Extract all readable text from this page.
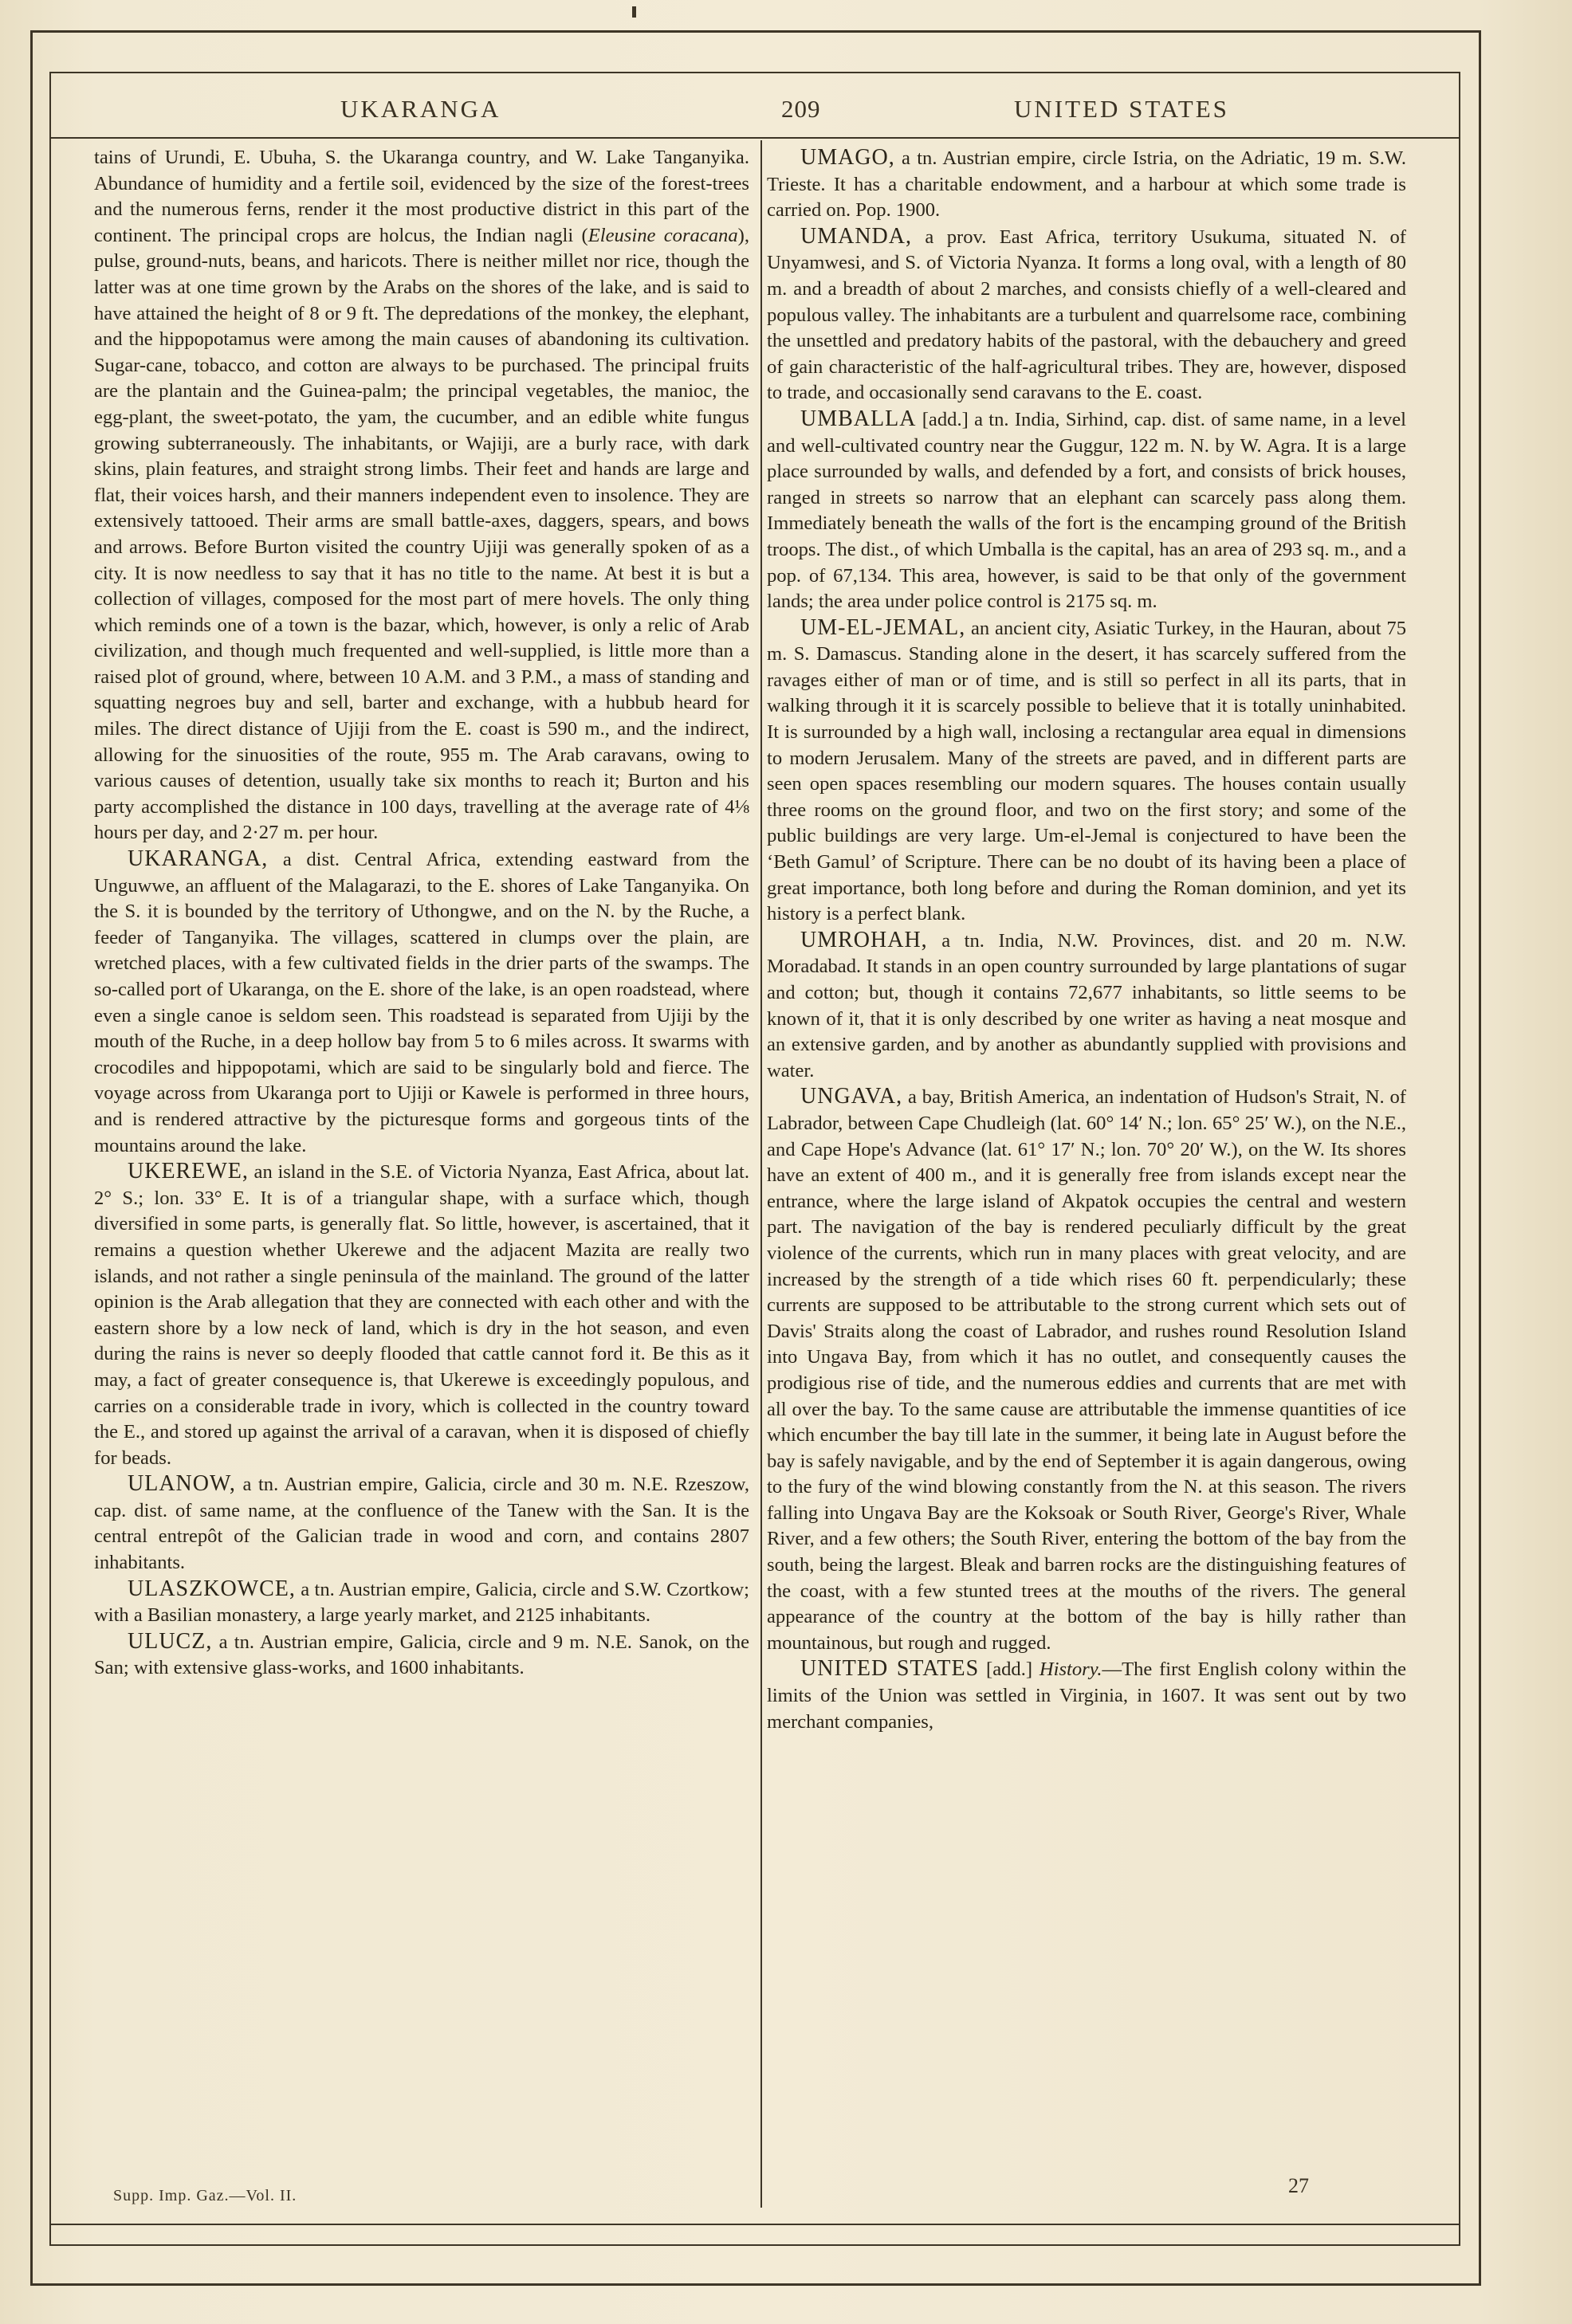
UKARANGA	209	UNITED STATES

tains of Urundi, E. Ubuha, S. the Ukaranga country, and W. Lake Tanganyika. Abundance of humidity and a fertile soil, evidenced by the size of the forest-trees and the numerous ferns, render it the most productive district in this part of the continent. The principal crops are holcus, the Indian nagli (Eleusine coracana), pulse, ground-nuts, beans, and haricots. There is neither millet nor rice, though the latter was at one time grown by the Arabs on the shores of the lake, and is said to have attained the height of 8 or 9 ft. The depredations of the monkey, the elephant, and the hippopotamus were among the main causes of abandoning its cultivation. Sugar-cane, tobacco, and cotton are always to be purchased. The principal fruits are the plantain and the Guinea-palm; the principal vegetables, the manioc, the egg-plant, the sweet-potato, the yam, the cucumber, and an edible white fungus growing subterraneously. The inhabitants, or Wajiji, are a burly race, with dark skins, plain features, and straight strong limbs. Their feet and hands are large and flat, their voices harsh, and their manners independent even to insolence. They are extensively tattooed. Their arms are small battle-axes, daggers, spears, and bows and arrows. Before Burton visited the country Ujiji was generally spoken of as a city. It is now needless to say that it has no title to the name. At best it is but a collection of villages, composed for the most part of mere hovels. The only thing which reminds one of a town is the bazar, which, however, is only a relic of Arab civilization, and though much frequented and well-supplied, is little more than a raised plot of ground, where, between 10 A.M. and 3 P.M., a mass of standing and squatting negroes buy and sell, barter and exchange, with a hubbub heard for miles. The direct distance of Ujiji from the E. coast is 590 m., and the indirect, allowing for the sinuosities of the route, 955 m. The Arab caravans, owing to various causes of detention, usually take six months to reach it; Burton and his party accomplished the distance in 100 days, travelling at the average rate of 4⅛ hours per day, and 2·27 m. per hour.

UKARANGA, a dist. Central Africa, extending eastward from the Unguwwe, an affluent of the Malagarazi, to the E. shores of Lake Tanganyika. On the S. it is bounded by the territory of Uthongwe, and on the N. by the Ruche, a feeder of Tanganyika. The villages, scattered in clumps over the plain, are wretched places, with a few cultivated fields in the drier parts of the swamps. The so-called port of Ukaranga, on the E. shore of the lake, is an open roadstead, where even a single canoe is seldom seen. This roadstead is separated from Ujiji by the mouth of the Ruche, in a deep hollow bay from 5 to 6 miles across. It swarms with crocodiles and hippopotami, which are said to be singularly bold and fierce. The voyage across from Ukaranga port to Ujiji or Kawele is performed in three hours, and is rendered attractive by the picturesque forms and gorgeous tints of the mountains around the lake.

UKEREWE, an island in the S.E. of Victoria Nyanza, East Africa, about lat. 2° S.; lon. 33° E. It is of a triangular shape, with a surface which, though diversified in some parts, is generally flat. So little, however, is ascertained, that it remains a question whether Ukerewe and the adjacent Mazita are really two islands, and not rather a single peninsula of the mainland. The ground of the latter opinion is the Arab allegation that they are connected with each other and with the eastern shore by a low neck of land, which is dry in the hot season, and even during the rains is never so deeply flooded that cattle cannot ford it. Be this as it may, a fact of greater consequence is, that Ukerewe is exceedingly populous, and carries on a considerable trade in ivory, which is collected in the country toward the E., and stored up against the arrival of a caravan, when it is disposed of chiefly for beads.

ULANOW, a tn. Austrian empire, Galicia, circle and 30 m. N.E. Rzeszow, cap. dist. of same name, at the confluence of the Tanew with the San. It is the central entrepôt of the Galician trade in wood and corn, and contains 2807 inhabitants.

ULASZKOWCE, a tn. Austrian empire, Galicia, circle and S.W. Czortkow; with a Basilian monastery, a large yearly market, and 2125 inhabitants.

ULUCZ, a tn. Austrian empire, Galicia, circle and 9 m. N.E. Sanok, on the San; with extensive glass-works, and 1600 inhabitants.

UMAGO, a tn. Austrian empire, circle Istria, on the Adriatic, 19 m. S.W. Trieste. It has a charitable endowment, and a harbour at which some trade is carried on. Pop. 1900.

UMANDA, a prov. East Africa, territory Usukuma, situated N. of Unyamwesi, and S. of Victoria Nyanza. It forms a long oval, with a length of 80 m. and a breadth of about 2 marches, and consists chiefly of a well-cleared and populous valley. The inhabitants are a turbulent and quarrelsome race, combining the unsettled and predatory habits of the pastoral, with the debauchery and greed of gain characteristic of the half-agricultural tribes. They are, however, disposed to trade, and occasionally send caravans to the E. coast.

UMBALLA [add.] a tn. India, Sirhind, cap. dist. of same name, in a level and well-cultivated country near the Guggur, 122 m. N. by W. Agra. It is a large place surrounded by walls, and defended by a fort, and consists of brick houses, ranged in streets so narrow that an elephant can scarcely pass along them. Immediately beneath the walls of the fort is the encamping ground of the British troops. The dist., of which Umballa is the capital, has an area of 293 sq. m., and a pop. of 67,134. This area, however, is said to be that only of the government lands; the area under police control is 2175 sq. m.

UM-EL-JEMAL, an ancient city, Asiatic Turkey, in the Hauran, about 75 m. S. Damascus. Standing alone in the desert, it has scarcely suffered from the ravages either of man or of time, and is still so perfect in all its parts, that in walking through it it is scarcely possible to believe that it is totally uninhabited. It is surrounded by a high wall, inclosing a rectangular area equal in dimensions to modern Jerusalem. Many of the streets are paved, and in different parts are seen open spaces resembling our modern squares. The houses contain usually three rooms on the ground floor, and two on the first story; and some of the public buildings are very large. Um-el-Jemal is conjectured to have been the ‘Beth Gamul’ of Scripture. There can be no doubt of its having been a place of great importance, both long before and during the Roman dominion, and yet its history is a perfect blank.

UMROHAH, a tn. India, N.W. Provinces, dist. and 20 m. N.W. Moradabad. It stands in an open country surrounded by large plantations of sugar and cotton; but, though it contains 72,677 inhabitants, so little seems to be known of it, that it is only described by one writer as having a neat mosque and an extensive garden, and by another as abundantly supplied with provisions and water.

UNGAVA, a bay, British America, an indentation of Hudson's Strait, N. of Labrador, between Cape Chudleigh (lat. 60° 14′ N.; lon. 65° 25′ W.), on the N.E., and Cape Hope's Advance (lat. 61° 17′ N.; lon. 70° 20′ W.), on the W. Its shores have an extent of 400 m., and it is generally free from islands except near the entrance, where the large island of Akpatok occupies the central and western part. The navigation of the bay is rendered peculiarly difficult by the great violence of the currents, which run in many places with great velocity, and are increased by the strength of a tide which rises 60 ft. perpendicularly; these currents are supposed to be attributable to the strong current which sets out of Davis' Straits along the coast of Labrador, and rushes round Resolution Island into Ungava Bay, from which it has no outlet, and consequently causes the prodigious rise of tide, and the numerous eddies and currents that are met with all over the bay. To the same cause are attributable the immense quantities of ice which encumber the bay till late in the summer, it being late in August before the bay is safely navigable, and by the end of September it is again dangerous, owing to the fury of the wind blowing constantly from the N. at this season. The rivers falling into Ungava Bay are the Koksoak or South River, George's River, Whale River, and a few others; the South River, entering the bottom of the bay from the south, being the largest. Bleak and barren rocks are the distinguishing features of the coast, with a few stunted trees at the mouths of the rivers. The general appearance of the country at the bottom of the bay is hilly rather than mountainous, but rough and rugged.

UNITED STATES [add.] History.—The first English colony within the limits of the Union was settled in Virginia, in 1607. It was sent out by two merchant companies,

Supp. Imp. Gaz.—Vol. II.	27
